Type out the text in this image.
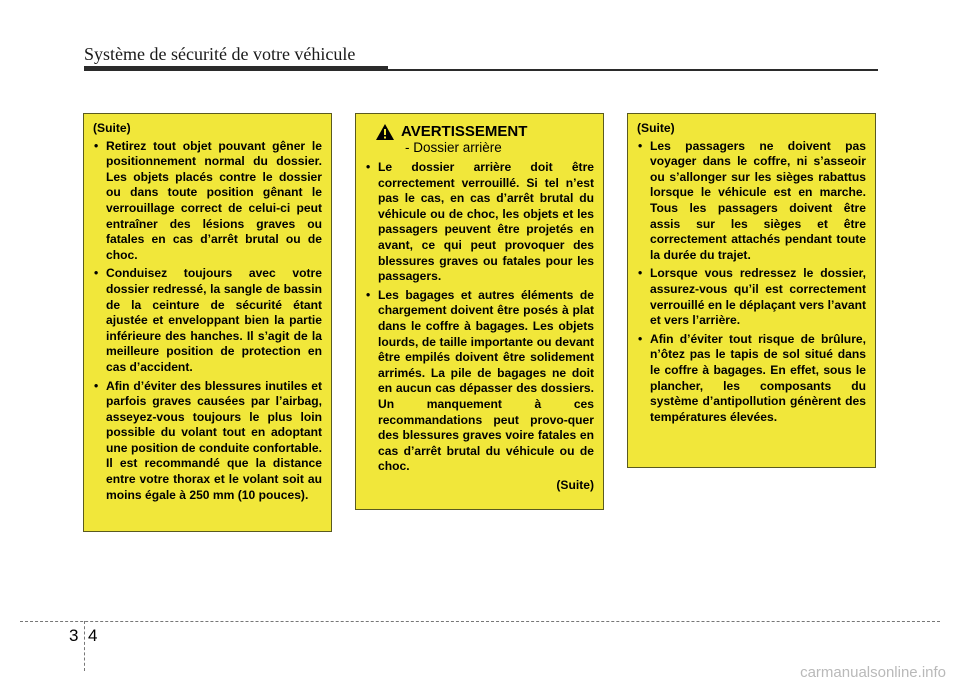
Système de sécurité de votre véhicule
(Suite)
• Retirez tout objet pouvant gêner le positionnement normal du dossier. Les objets placés contre le dossier ou dans toute position gênant le verrouillage correct de celui-ci peut entraîner des lésions graves ou fatales en cas d’arrêt brutal ou de choc.
• Conduisez toujours avec votre dossier redressé, la sangle de bassin de la ceinture de sécurité étant ajustée et enveloppant bien la partie inférieure des hanches. Il s’agit de la meilleure position de protection en cas d’accident.
• Afin d’éviter des blessures inutiles et parfois graves causées par l’airbag, asseyez-vous toujours le plus loin possible du volant tout en adoptant une position de conduite confortable. Il est recommandé que la distance entre votre thorax et le volant soit au moins égale à 250 mm (10 pouces).
AVERTISSEMENT
- Dossier arrière
• Le dossier arrière doit être correctement verrouillé. Si tel n’est pas le cas, en cas d’arrêt brutal du véhicule ou de choc, les objets et les passagers peuvent être projetés en avant, ce qui peut provoquer des blessures graves ou fatales pour les passagers.
• Les bagages et autres éléments de chargement doivent être posés à plat dans le coffre à bagages. Les objets lourds, de taille importante ou devant être empilés doivent être solidement arrimés. La pile de bagages ne doit en aucun cas dépasser des dossiers. Un manquement à ces recommandations peut provo-quer des blessures graves voire fatales en cas d’arrêt brutal du véhicule ou de choc.
(Suite)
(Suite)
• Les passagers ne doivent pas voyager dans le coffre, ni s’asseoir ou s’allonger sur les sièges rabattus lorsque le véhicule est en marche. Tous les passagers doivent être assis sur les sièges et être correctement attachés pendant toute la durée du trajet.
• Lorsque vous redressez le dossier, assurez-vous qu’il est correctement verrouillé en le déplaçant vers l’avant et vers l’arrière.
• Afin d’éviter tout risque de brûlure, n’ôtez pas le tapis de sol situé dans le coffre à bagages. En effet, sous le plancher, les composants du système d’antipollution génèrent des températures élevées.
3 4
carmanualsonline.info
